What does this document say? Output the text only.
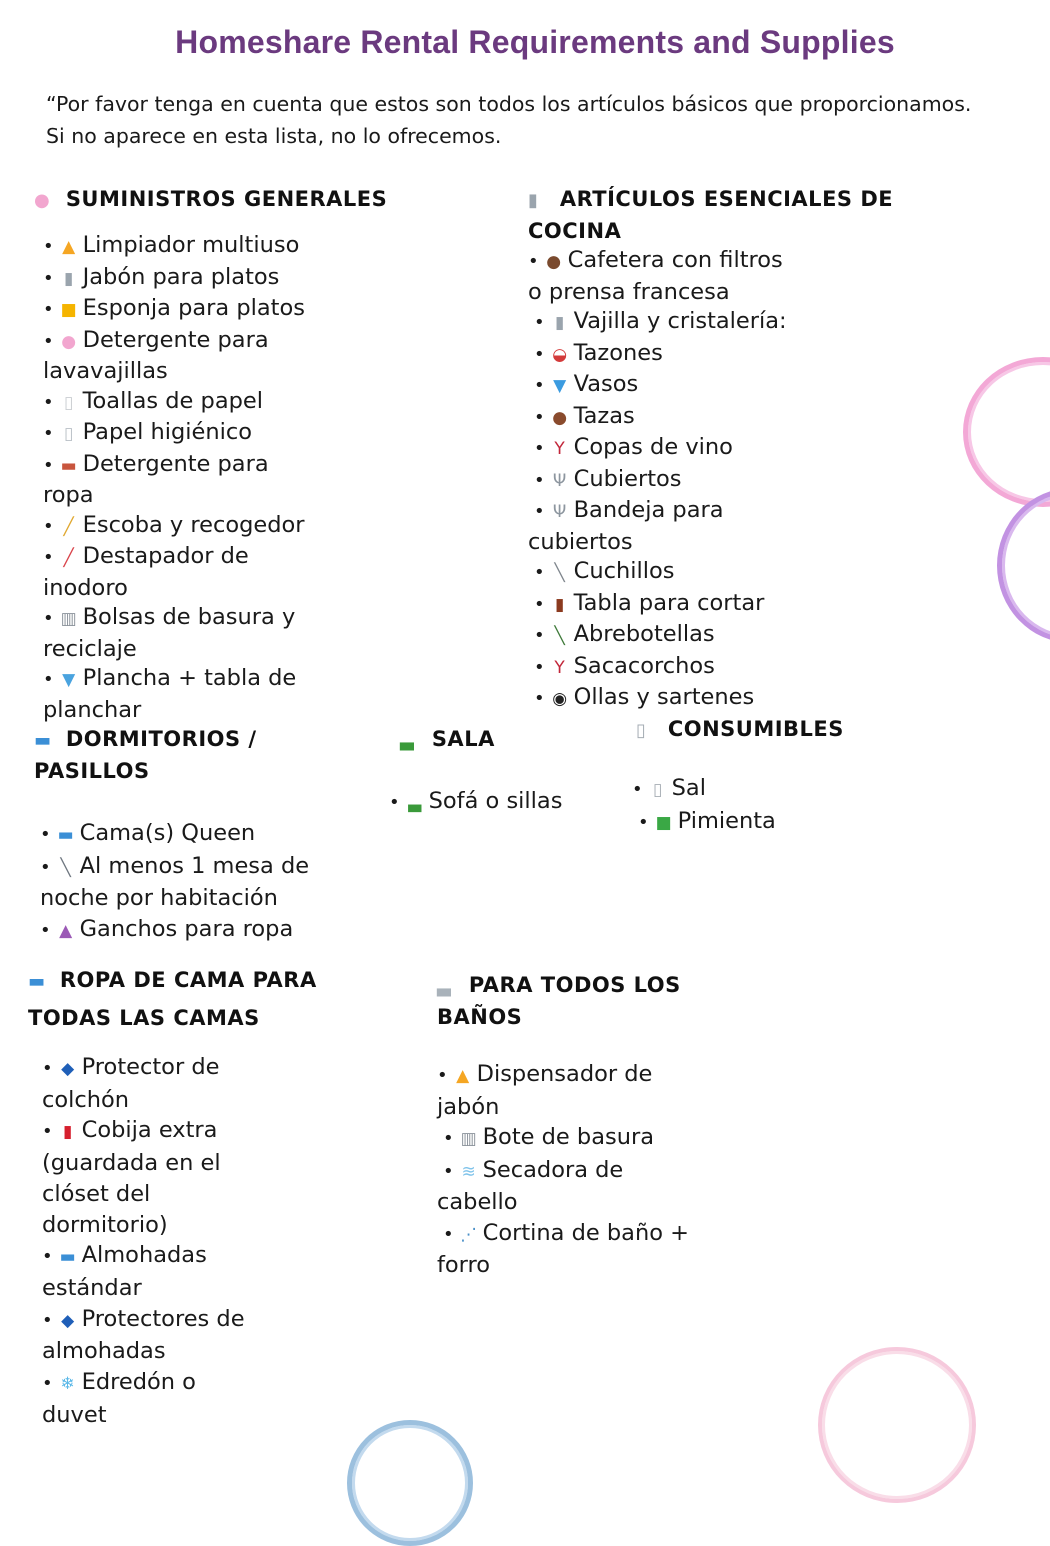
Homeshare Rental Requirements and Supplies
“Por favor tenga en cuenta que estos son todos los artículos básicos que proporcionamos.
Si no aparece en esta lista, no lo ofrecemos.
● SUMINISTROS GENERALES
• ▲ Limpiador multiuso
• ▮ Jabón para platos
• ■ Esponja para platos
• ● Detergente para
lavavajillas
• ▯ Toallas de papel
• ▯ Papel higiénico
• ▬ Detergente para
ropa
• ╱ Escoba y recogedor
• ╱ Destapador de
inodoro
• ▥ Bolsas de basura y
reciclaje
• ▼ Plancha + tabla de
planchar
▮ ARTÍCULOS ESENCIALES DE
COCINA
• ● Cafetera con filtros
o prensa francesa
• ▮ Vajilla y cristalería:
• ◒ Tazones
• ▼ Vasos
• ● Tazas
• Y Copas de vino
• Ψ Cubiertos
• Ψ Bandeja para
cubiertos
• ╲ Cuchillos
• ▮ Tabla para cortar
• ╲ Abrebotellas
• Y Sacacorchos
• ◉ Ollas y sartenes
▬ DORMITORIOS /
PASILLOS
• ▬ Cama(s) Queen
• ╲ Al menos 1 mesa de
noche por habitación
• ▲ Ganchos para ropa
▃ SALA
• ▃ Sofá o sillas
▯ CONSUMIBLES
• ▯ Sal
• ■ Pimienta
▬ ROPA DE CAMA PARA
TODAS LAS CAMAS
• ◆ Protector de
colchón
• ▮ Cobija extra
(guardada en el
clóset del
dormitorio)
• ▬ Almohadas
estándar
• ◆ Protectores de
almohadas
• ❄ Edredón o
duvet
▃ PARA TODOS LOS
BAÑOS
• ▲ Dispensador de
jabón
• ▥ Bote de basura
• ≋ Secadora de
cabello
• ⋰ Cortina de baño +
forro
